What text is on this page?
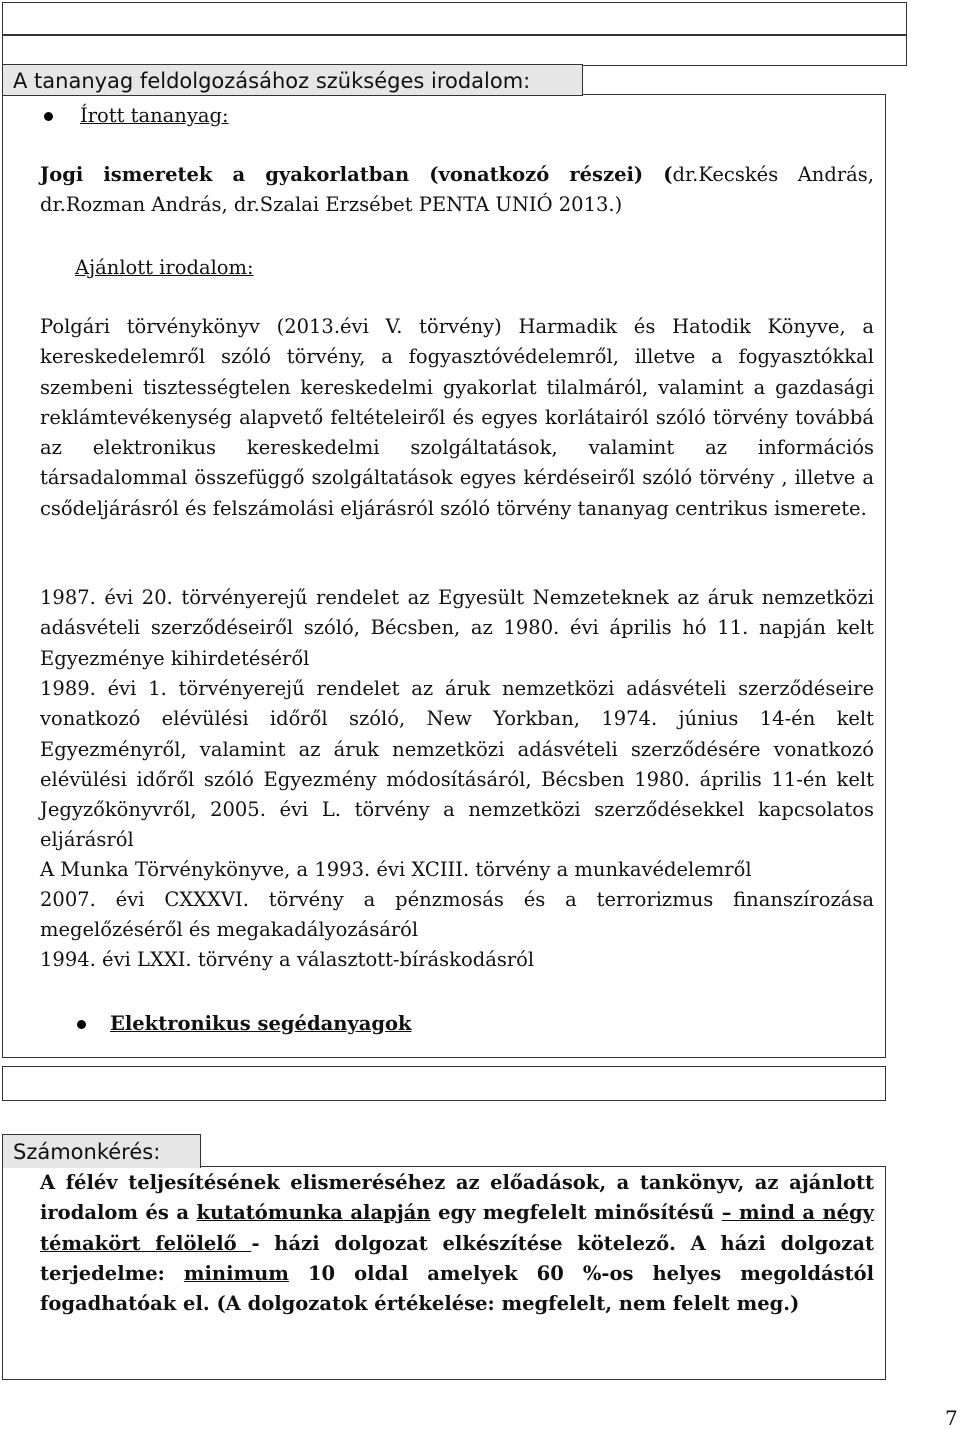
A tananyag feldolgozásához szükséges irodalom:
Írott tananyag:

Jogi ismeretek a gyakorlatban (vonatkozó részei) (dr.Kecskés András, dr.Rozman András, dr.Szalai Erzsébet PENTA UNIÓ 2013.)

Ajánlott irodalom:

Polgári törvénykönyv (2013.évi V. törvény) Harmadik és Hatodik Könyve, a kereskedelemről szóló törvény, a fogyasztóvédelemről, illetve a fogyasztókkal szembeni tisztességtelen kereskedelmi gyakorlat tilalmáról, valamint a gazdasági reklámtevékenység alapvető feltételeiről és egyes korlátairól szóló törvény továbbá az elektronikus kereskedelmi szolgáltatások, valamint az információs társadalommal összefüggő szolgáltatások egyes kérdéseiről szóló törvény , illetve a csődeljárásról és felszámolási eljárásról szóló törvény tananyag centrikus ismerete.

1987. évi 20. törvényerejű rendelet az Egyesült Nemzeteknek az áruk nemzetközi adásvételi szerződéseiről szóló, Bécsben, az 1980. évi április hó 11. napján kelt Egyezménye kihirdetéséről

1989. évi 1. törvényerejű rendelet az áruk nemzetközi adásvételi szerződéseire vonatkozó elévülési időről szóló, New Yorkban, 1974. június 14-én kelt Egyezményről, valamint az áruk nemzetközi adásvételi szerződésére vonatkozó elévülési időről szóló Egyezmény módosításáról, Bécsben 1980. április 11-én kelt Jegyzőkönyvről, 2005. évi L. törvény a nemzetközi szerződésekkel kapcsolatos eljárásról

A Munka Törvénykönyve, a 1993. évi XCIII. törvény a munkavédelemről

2007. évi CXXXVI. törvény a pénzmosás és a terrorizmus finanszírozása megelőzéséről és megakadályozásáról

1994. évi LXXI. törvény a választott-bíráskodásról

Elektronikus segédanyagok
Számonkérés:

A félév teljesítésének elismeréséhez az előadások, a tankönyv, az ajánlott irodalom és a kutatómunka alapján egy megfelelt minősítésű – mind a négy témakört felölelő - házi dolgozat elkészítése kötelező. A házi dolgozat terjedelme: minimum 10 oldal amelyek 60 %-os helyes megoldástól fogadhatóak el. (A dolgozatok értékelése: megfelelt, nem felelt meg.)

7
